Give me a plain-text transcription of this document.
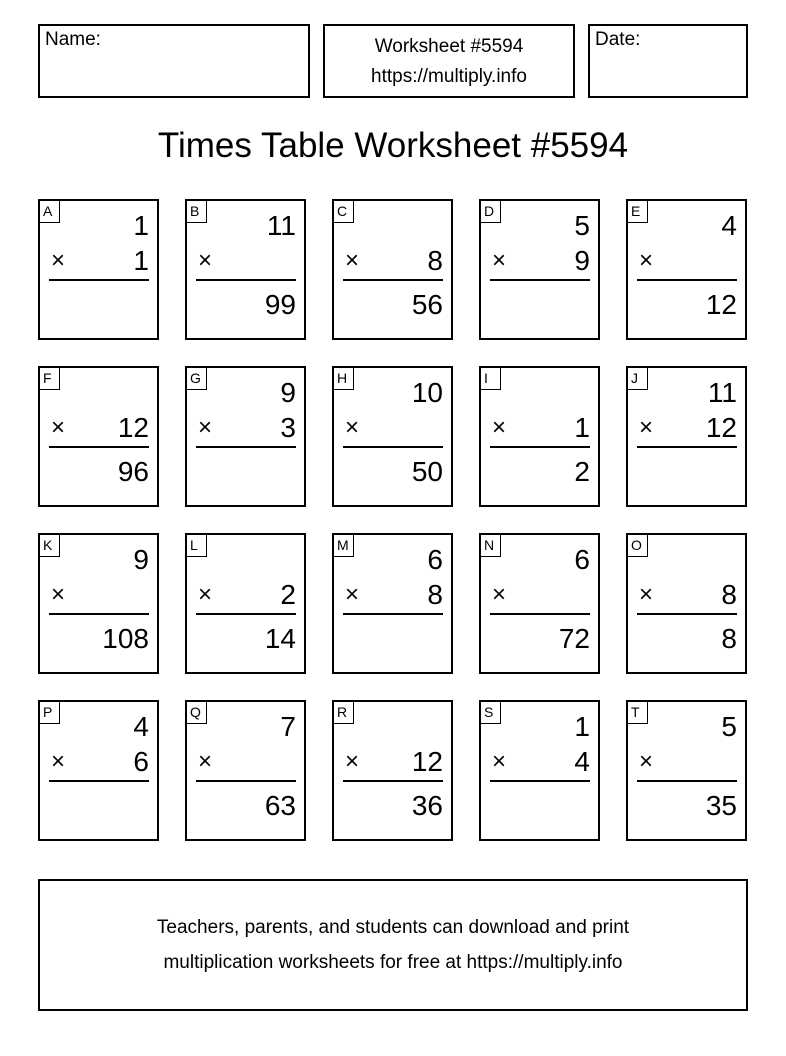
Name:	Worksheet #5594
https://multiply.info
Date:
Times Table Worksheet #5594
A	1
× 1
B 11
×
99
C
× 8
56
D	5
× 9
E	4
×
12
F
× 12
96
G	9
× 3
H 10
×
50
I
× 1
2
J	11
× 12
K	9
×
108
L
× 2
14
M	6
× 8
N	6
×
72
O
× 8
8
P	4
× 6
Q	7
×
63
R
× 12
36
S	1
× 4
T	5
×
35
Teachers, parents, and students can download and print
multiplication worksheets for free at https://multiply.info
